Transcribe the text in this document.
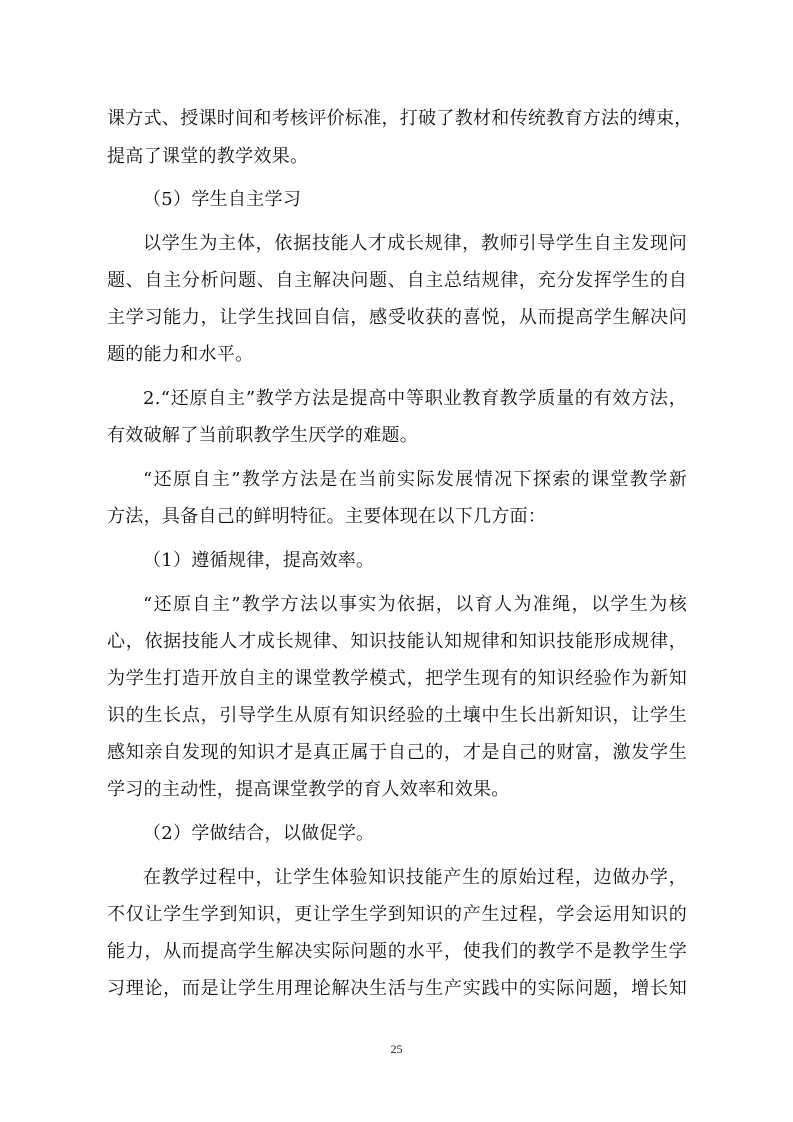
课方式、授课时间和考核评价标准，打破了教材和传统教育方法的缚束，
提高了课堂的教学效果。
（5）学生自主学习
以学生为主体，依据技能人才成长规律，教师引导学生自主发现问
题、自主分析问题、自主解决问题、自主总结规律，充分发挥学生的自
主学习能力，让学生找回自信，感受收获的喜悦，从而提高学生解决问
题的能力和水平。
2.“还原自主”教学方法是提高中等职业教育教学质量的有效方法，
有效破解了当前职教学生厌学的难题。
“还原自主”教学方法是在当前实际发展情况下探索的课堂教学新
方法，具备自己的鲜明特征。主要体现在以下几方面：
（1）遵循规律，提高效率。
“还原自主”教学方法以事实为依据，以育人为准绳，以学生为核
心，依据技能人才成长规律、知识技能认知规律和知识技能形成规律，
为学生打造开放自主的课堂教学模式，把学生现有的知识经验作为新知
识的生长点，引导学生从原有知识经验的土壤中生长出新知识，让学生
感知亲自发现的知识才是真正属于自己的，才是自己的财富，激发学生
学习的主动性，提高课堂教学的育人效率和效果。
（2）学做结合，以做促学。
在教学过程中，让学生体验知识技能产生的原始过程，边做办学，
不仅让学生学到知识，更让学生学到知识的产生过程，学会运用知识的
能力，从而提高学生解决实际问题的水平，使我们的教学不是教学生学
习理论，而是让学生用理论解决生活与生产实践中的实际问题，增长知
25
